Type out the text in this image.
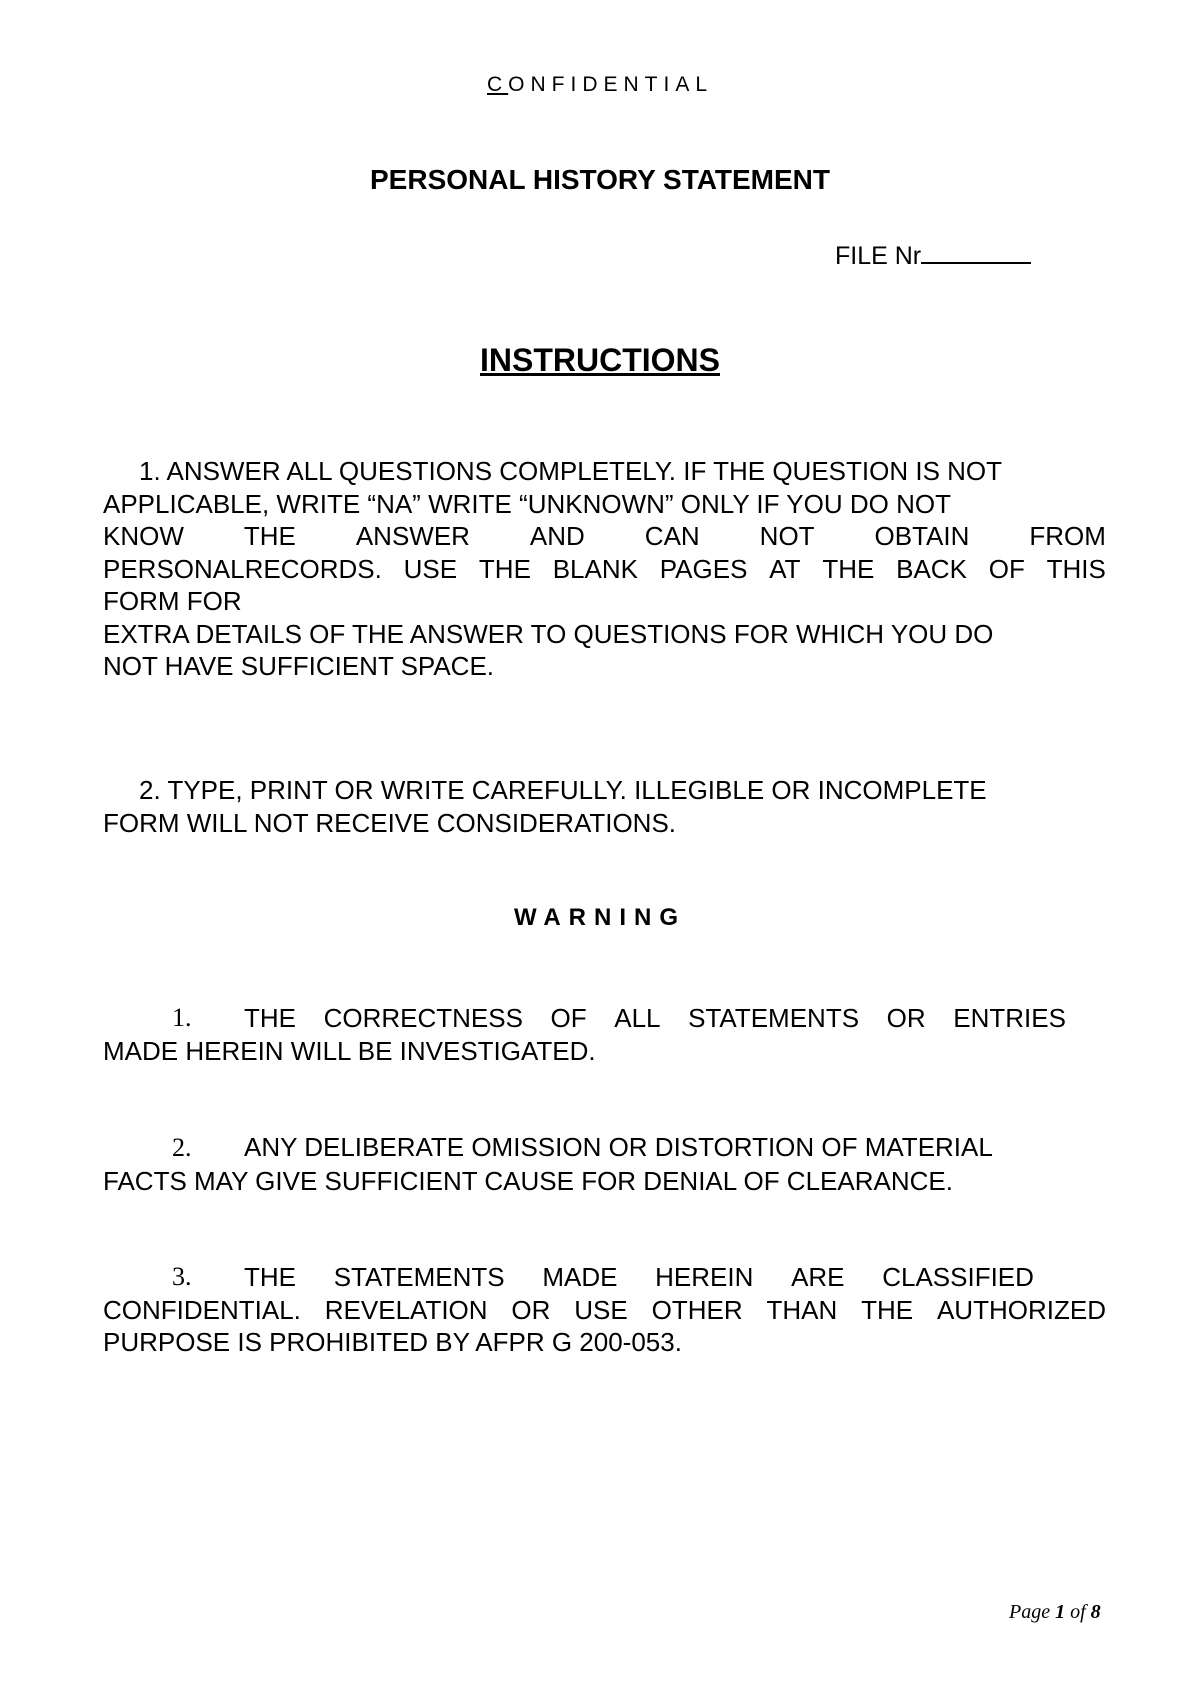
CONFIDENTIAL
PERSONAL HISTORY STATEMENT
FILE Nr
INSTRUCTIONS
1. ANSWER ALL QUESTIONS COMPLETELY. IF THE QUESTION IS NOT
APPLICABLE, WRITE “NA” WRITE “UNKNOWN” ONLY IF YOU DO NOT
KNOW THE ANSWER AND CAN NOT OBTAIN FROM
PERSONALRECORDS. USE THE BLANK PAGES AT THE BACK OF THIS
FORM FOR
EXTRA DETAILS OF THE ANSWER TO QUESTIONS FOR WHICH YOU DO
NOT HAVE SUFFICIENT SPACE.
2. TYPE, PRINT OR WRITE CAREFULLY. ILLEGIBLE OR INCOMPLETE
FORM WILL NOT RECEIVE CONSIDERATIONS.
WARNING
1.	THE CORRECTNESS OF ALL STATEMENTS OR ENTRIES
MADE HEREIN WILL BE INVESTIGATED.
2. ANY DELIBERATE OMISSION OR DISTORTION OF MATERIAL
FACTS MAY GIVE SUFFICIENT CAUSE FOR DENIAL OF CLEARANCE.
3.	THE STATEMENTS MADE HEREIN ARE CLASSIFIED
CONFIDENTIAL. REVELATION OR USE OTHER THAN THE AUTHORIZED
PURPOSE IS PROHIBITED BY AFPR G 200-053.
Page 1 of 8
